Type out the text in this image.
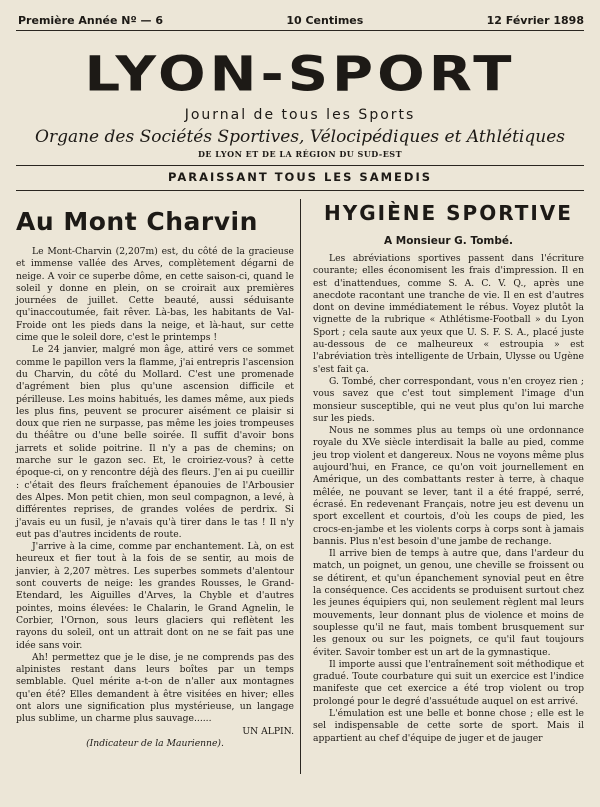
Première Année Nº — 6	10 Centimes	12 Février 1898
LYON-SPORT
Journal de tous les Sports
Organe des Sociétés Sportives, Vélocipédiques et Athlétiques
DE LYON ET DE LA RÉGION DU SUD-EST
PARAISSANT TOUS LES SAMEDIS
Au Mont Charvin

Le Mont-Charvin (2,207m) est, du côté de la gracieuse et immense vallée des Arves, complètement dégarni de neige. A voir ce superbe dôme, en cette saison-ci, quand le soleil y donne en plein, on se croirait aux premières journées de juillet. Cette beauté, aussi séduisante qu'inaccoutumée, fait rêver. Là-bas, les habitants de Val-Froide ont les pieds dans la neige, et là-haut, sur cette cime que le soleil dore, c'est le printemps !

Le 24 janvier, malgré mon âge, attiré vers ce sommet comme le papillon vers la flamme, j'ai entrepris l'ascension du Charvin, du côté du Mollard. C'est une promenade d'agrément bien plus qu'une ascension difficile et périlleuse. Les moins habitués, les dames même, aux pieds les plus fins, peuvent se procurer aisément ce plaisir si doux que rien ne surpasse, pas même les joies trompeuses du théâtre ou d'une belle soirée. Il suffit d'avoir bons jarrets et solide poitrine. Il n'y a pas de chemins; on marche sur le gazon sec. Et, le croiriez-vous? à cette époque-ci, on y rencontre déjà des fleurs. J'en ai pu cueillir : c'était des fleurs fraîchement épanouies de l'Arbousier des Alpes. Mon petit chien, mon seul compagnon, a levé, à différentes reprises, de grandes volées de perdrix. Si j'avais eu un fusil, je n'avais qu'à tirer dans le tas ! Il n'y eut pas d'autres incidents de route.

J'arrive à la cime, comme par enchantement. Là, on est heureux et fier tout à la fois de se sentir, au mois de janvier, à 2,207 mètres. Les superbes sommets d'alentour sont couverts de neige: les grandes Rousses, le Grand-Etendard, les Aiguilles d'Arves, la Chyble et d'autres pointes, moins élevées: le Chalarin, le Grand Agnelin, le Corbier, l'Ornon, sous leurs glaciers qui reflètent les rayons du soleil, ont un attrait dont on ne se fait pas une idée sans voir.

Ah! permettez que je le dise, je ne comprends pas des alpinistes restant dans leurs boîtes par un temps semblable. Quel mérite a-t-on de n'aller aux montagnes qu'en été? Elles demandent à être visitées en hiver; elles ont alors une signification plus mystérieuse, un langage plus sublime, un charme plus sauvage......

UN ALPIN.
(Indicateur de la Maurienne).
HYGIÈNE SPORTIVE
A Monsieur G. Tombé.

Les abréviations sportives passent dans l'écriture courante; elles économisent les frais d'impression. Il en est d'inattendues, comme S. A. C. V. Q., après une anecdote racontant une tranche de vie. Il en est d'autres dont on devine immédiatement le rébus. Voyez plutôt la vignette de la rubrique « Athlétisme-Football » du Lyon Sport ; cela saute aux yeux que U. S. F. S. A., placé juste au-dessous de ce malheureux « estroupia » est l'abréviation très intelligente de Urbain, Ulysse ou Ugène s'est fait ça.

G. Tombé, cher correspondant, vous n'en croyez rien ; vous savez que c'est tout simplement l'image d'un monsieur susceptible, qui ne veut plus qu'on lui marche sur les pieds.

Nous ne sommes plus au temps où une ordonnance royale du XVe siècle interdisait la balle au pied, comme jeu trop violent et dangereux. Nous ne voyons même plus aujourd'hui, en France, ce qu'on voit journellement en Amérique, un des combattants rester à terre, à chaque mêlée, ne pouvant se lever, tant il a été frappé, serré, écrasé. En redevenant Français, notre jeu est devenu un sport excellent et courtois, d'où les coups de pied, les crocs-en-jambe et les violents corps à corps sont à jamais bannis. Plus n'est besoin d'une jambe de rechange.

Il arrive bien de temps à autre que, dans l'ardeur du match, un poignet, un genou, une cheville se froissent ou se détirent, et qu'un épanchement synovial peut en être la conséquence. Ces accidents se produisent surtout chez les jeunes équipiers qui, non seulement règlent mal leurs mouvements, leur donnant plus de violence et moins de souplesse qu'il ne faut, mais tombent brusquement sur les genoux ou sur les poignets, ce qu'il faut toujours éviter. Savoir tomber est un art de la gymnastique.

Il importe aussi que l'entraînement soit méthodique et gradué. Toute courbature qui suit un exercice est l'indice manifeste que cet exercice a été trop violent ou trop prolongé pour le degré d'assuétude auquel on est arrivé.

L'émulation est une belle et bonne chose ; elle est le sel indispensable de cette sorte de sport. Mais il appartient au chef d'équipe de juger et de jauger
